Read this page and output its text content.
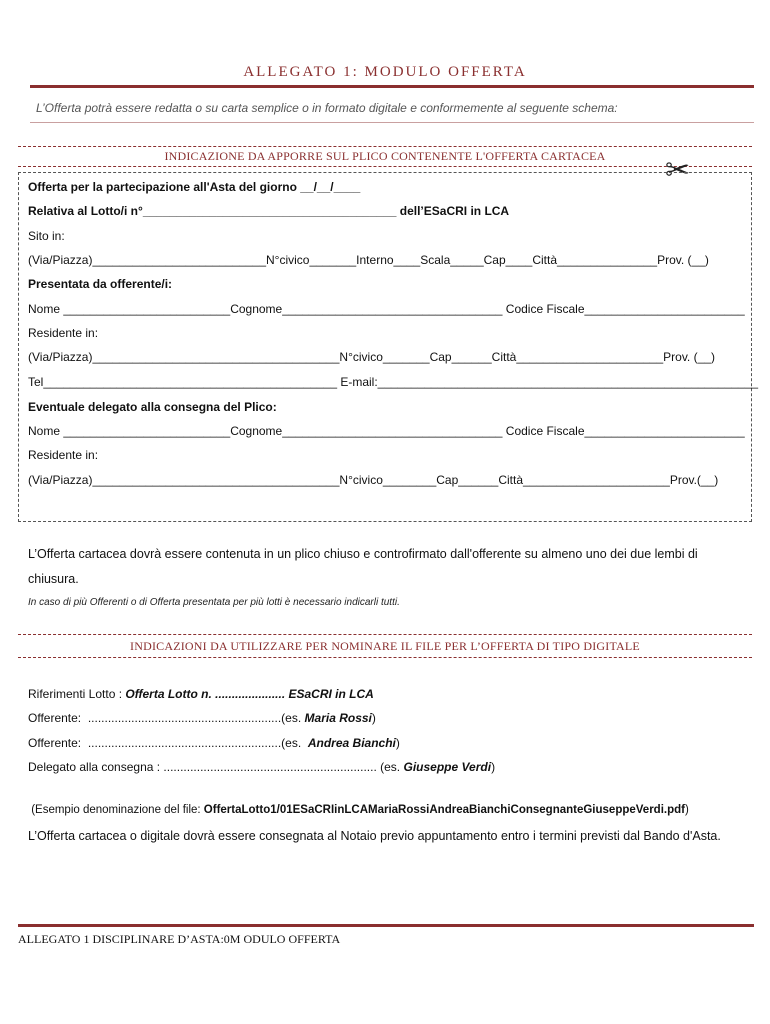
ALLEGATO 1: MODULO OFFERTA
L’Offerta potrà essere redatta o su carta semplice o in formato digitale e conformemente al seguente schema:
INDICAZIONE DA APPORRE SUL PLICO CONTENENTE L'OFFERTA CARTACEA	✂
Offerta per la partecipazione all'Asta del giorno __/__/____
Relativa al Lotto/i n°______________________________________ dell’ESaCRI in LCA
Sito in:
(Via/Piazza)__________________________N°civico_______Interno____Scala_____Cap____Città_______________Prov. (__)
Presentata da offerente/i:
Nome _________________________Cognome_________________________________ Codice Fiscale________________________
Residente in:
(Via/Piazza)_____________________________________N°civico_______Cap______Città______________________Prov. (__)
Tel____________________________________________ E-mail:_________________________________________________________
Eventuale delegato alla consegna del Plico:
Nome _________________________Cognome_________________________________ Codice Fiscale________________________
Residente in:
(Via/Piazza)_____________________________________N°civico________Cap______Città______________________Prov.(__)
L’Offerta cartacea dovrà essere contenuta in un plico chiuso e controfirmato dall'offerente su almeno uno dei due lembi di chiusura.
In caso di più Offerenti o di Offerta presentata per più lotti è necessario indicarli tutti.
INDICAZIONI DA UTILIZZARE PER NOMINARE IL FILE PER L’OFFERTA DI TIPO DIGITALE
Riferimenti Lotto : Offerta Lotto n. ..................... ESaCRI in LCA
Offerente:  ..........................................................(es. Maria Rossi)
Offerente:  ..........................................................(es.  Andrea Bianchi)
Delegato alla consegna : ................................................................ (es. Giuseppe Verdi)
(Esempio denominazione del file: OffertaLotto1/01ESaCRIinLCAMariaRossiAndreaBianchiConsegnanteGiuseppeVerdi.pdf)
L’Offerta cartacea o digitale dovrà essere consegnata al Notaio previo appuntamento entro i termini previsti dal Bando d'Asta.
ALLEGATO 1 DISCIPLINARE D’ASTA:0M ODULO OFFERTA
